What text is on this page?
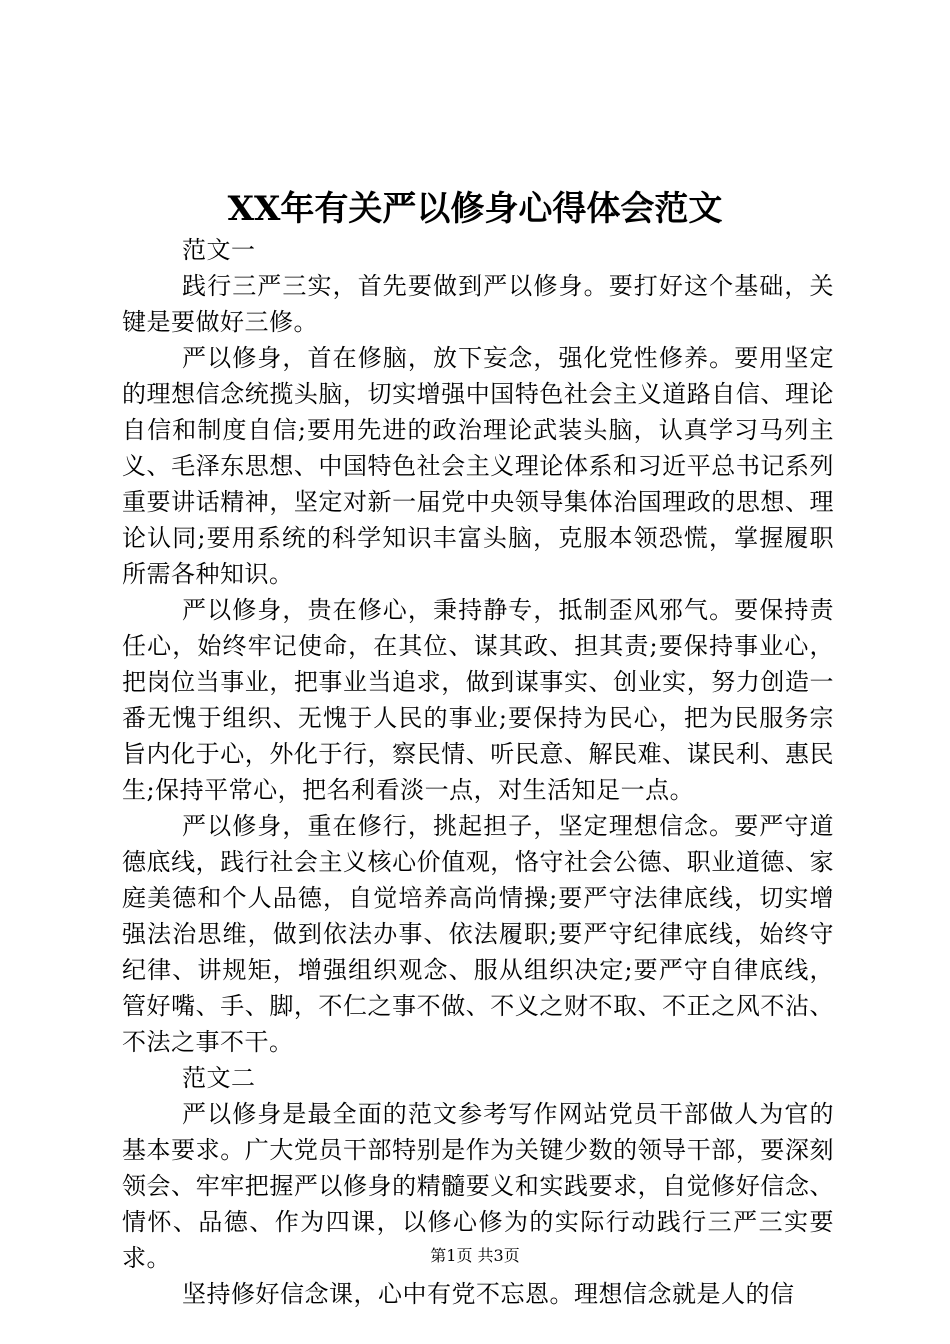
XX年有关严以修身心得体会范文

范文一

践行三严三实，首先要做到严以修身。要打好这个基础，关键是要做好三修。

严以修身，首在修脑，放下妄念，强化党性修养。要用坚定的理想信念统揽头脑，切实增强中国特色社会主义道路自信、理论自信和制度自信;要用先进的政治理论武装头脑，认真学习马列主义、毛泽东思想、中国特色社会主义理论体系和习近平总书记系列重要讲话精神，坚定对新一届党中央领导集体治国理政的思想、理论认同;要用系统的科学知识丰富头脑，克服本领恐慌，掌握履职所需各种知识。

严以修身，贵在修心，秉持静专，抵制歪风邪气。要保持责任心，始终牢记使命，在其位、谋其政、担其责;要保持事业心，把岗位当事业，把事业当追求，做到谋事实、创业实，努力创造一番无愧于组织、无愧于人民的事业;要保持为民心，把为民服务宗旨内化于心，外化于行，察民情、听民意、解民难、谋民利、惠民生;保持平常心，把名利看淡一点，对生活知足一点。

严以修身，重在修行，挑起担子，坚定理想信念。要严守道德底线，践行社会主义核心价值观，恪守社会公德、职业道德、家庭美德和个人品德，自觉培养高尚情操;要严守法律底线，切实增强法治思维，做到依法办事、依法履职;要严守纪律底线，始终守纪律、讲规矩，增强组织观念、服从组织决定;要严守自律底线，管好嘴、手、脚，不仁之事不做、不义之财不取、不正之风不沾、不法之事不干。

范文二

严以修身是最全面的范文参考写作网站党员干部做人为官的基本要求。广大党员干部特别是作为关键少数的领导干部，要深刻领会、牢牢把握严以修身的精髓要义和实践要求，自觉修好信念、情怀、品德、作为四课，以修心修为的实际行动践行三严三实要求。

坚持修好信念课，心中有党不忘恩。理想信念就是人的信

第1页 共3页
